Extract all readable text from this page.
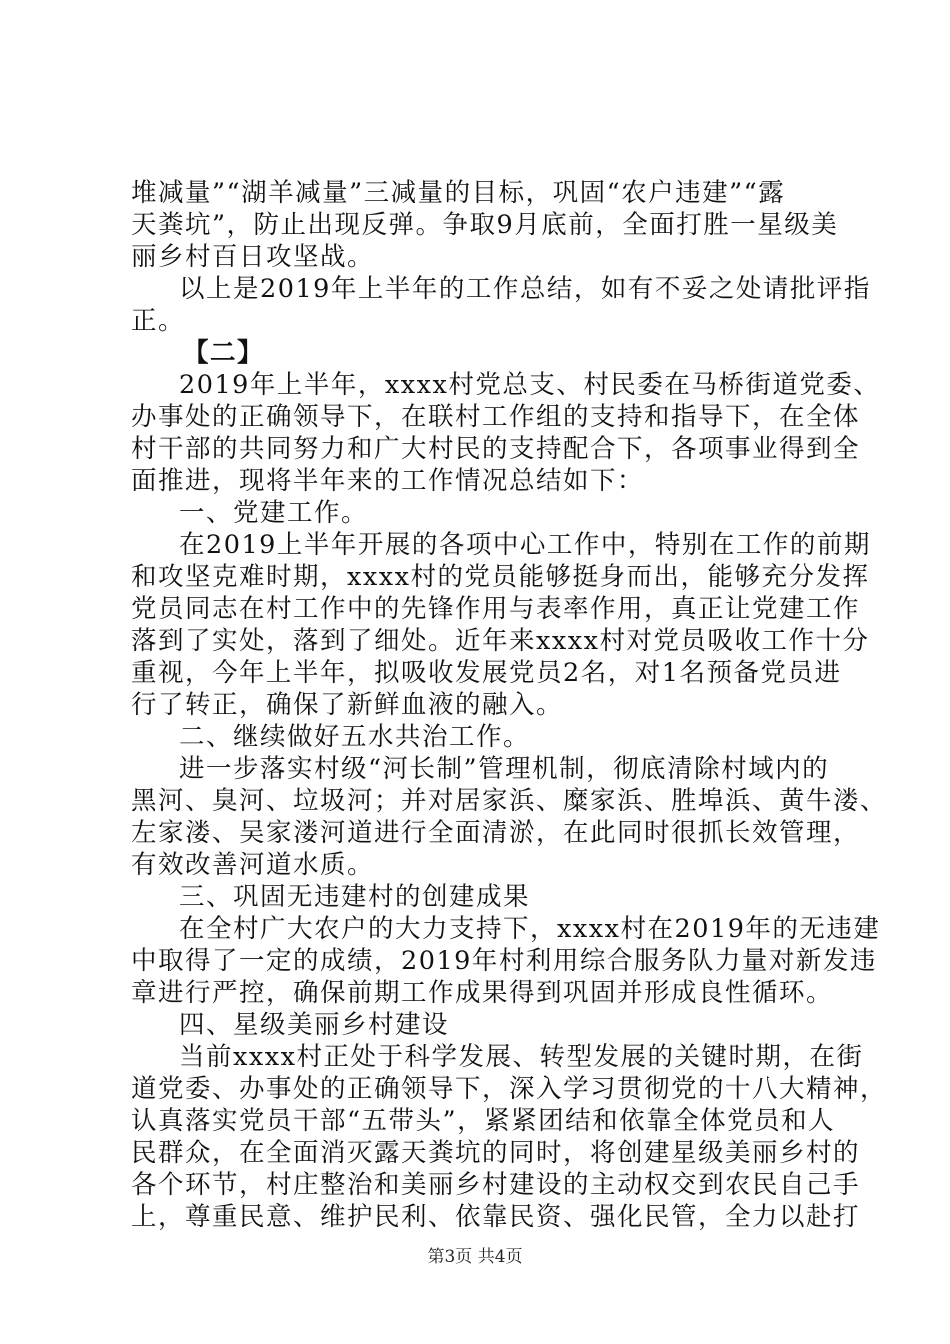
堆减量”“湖羊减量”三减量的目标，巩固“农户违建”“露
天粪坑”，防止出现反弹。争取9月底前，全面打胜一星级美
丽乡村百日攻坚战。
以上是2019年上半年的工作总结，如有不妥之处请批评指
正。
【二】
2019年上半年，xxxx村党总支、村民委在马桥街道党委、
办事处的正确领导下，在联村工作组的支持和指导下，在全体
村干部的共同努力和广大村民的支持配合下，各项事业得到全
面推进，现将半年来的工作情况总结如下：
一、党建工作。
在2019上半年开展的各项中心工作中，特别在工作的前期
和攻坚克难时期，xxxx村的党员能够挺身而出，能够充分发挥
党员同志在村工作中的先锋作用与表率作用，真正让党建工作
落到了实处，落到了细处。近年来xxxx村对党员吸收工作十分
重视，今年上半年，拟吸收发展党员2名，对1名预备党员进
行了转正，确保了新鲜血液的融入。
二、继续做好五水共治工作。
进一步落实村级“河长制”管理机制，彻底清除村域内的
黑河、臭河、垃圾河；并对居家浜、糜家浜、胜埠浜、黄牛溇、
左家溇、吴家溇河道进行全面清淤，在此同时很抓长效管理，
有效改善河道水质。
三、巩固无违建村的创建成果
在全村广大农户的大力支持下，xxxx村在2019年的无违建
中取得了一定的成绩，2019年村利用综合服务队力量对新发违
章进行严控，确保前期工作成果得到巩固并形成良性循环。
四、星级美丽乡村建设
当前xxxx村正处于科学发展、转型发展的关键时期，在街
道党委、办事处的正确领导下，深入学习贯彻党的十八大精神，
认真落实党员干部“五带头”，紧紧团结和依靠全体党员和人
民群众，在全面消灭露天粪坑的同时，将创建星级美丽乡村的
各个环节，村庄整治和美丽乡村建设的主动权交到农民自己手
上，尊重民意、维护民利、依靠民资、强化民管，全力以赴打
第3页 共4页
